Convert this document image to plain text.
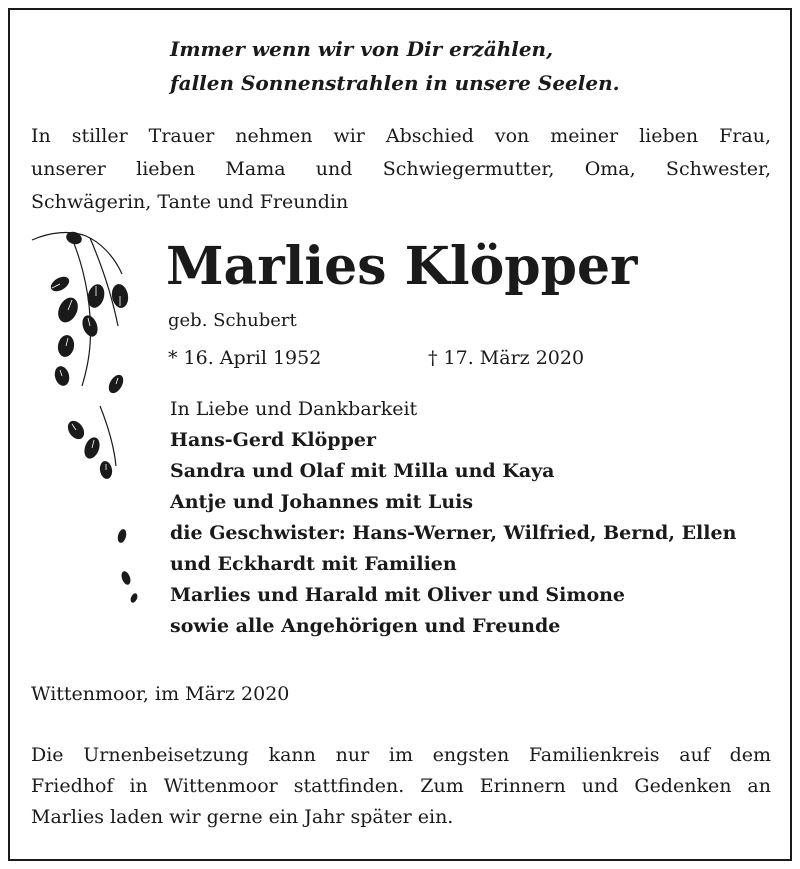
Immer wenn wir von Dir erzählen,
fallen Sonnenstrahlen in unsere Seelen.
In stiller Trauer nehmen wir Abschied von meiner lieben Frau,
unserer lieben Mama und Schwiegermutter, Oma, Schwester,
Schwägerin, Tante und Freundin
Marlies Klöpper
geb. Schubert
* 16. April 1952	† 17. März 2020
In Liebe und Dankbarkeit
Hans-Gerd Klöpper
Sandra und Olaf mit Milla und Kaya
Antje und Johannes mit Luis
die Geschwister: Hans-Werner, Wilfried, Bernd, Ellen
und Eckhardt mit Familien
Marlies und Harald mit Oliver und Simone
sowie alle Angehörigen und Freunde
Wittenmoor, im März 2020
Die Urnenbeisetzung kann nur im engsten Familienkreis auf dem
Friedhof in Wittenmoor stattfinden. Zum Erinnern und Gedenken an
Marlies laden wir gerne ein Jahr später ein.
